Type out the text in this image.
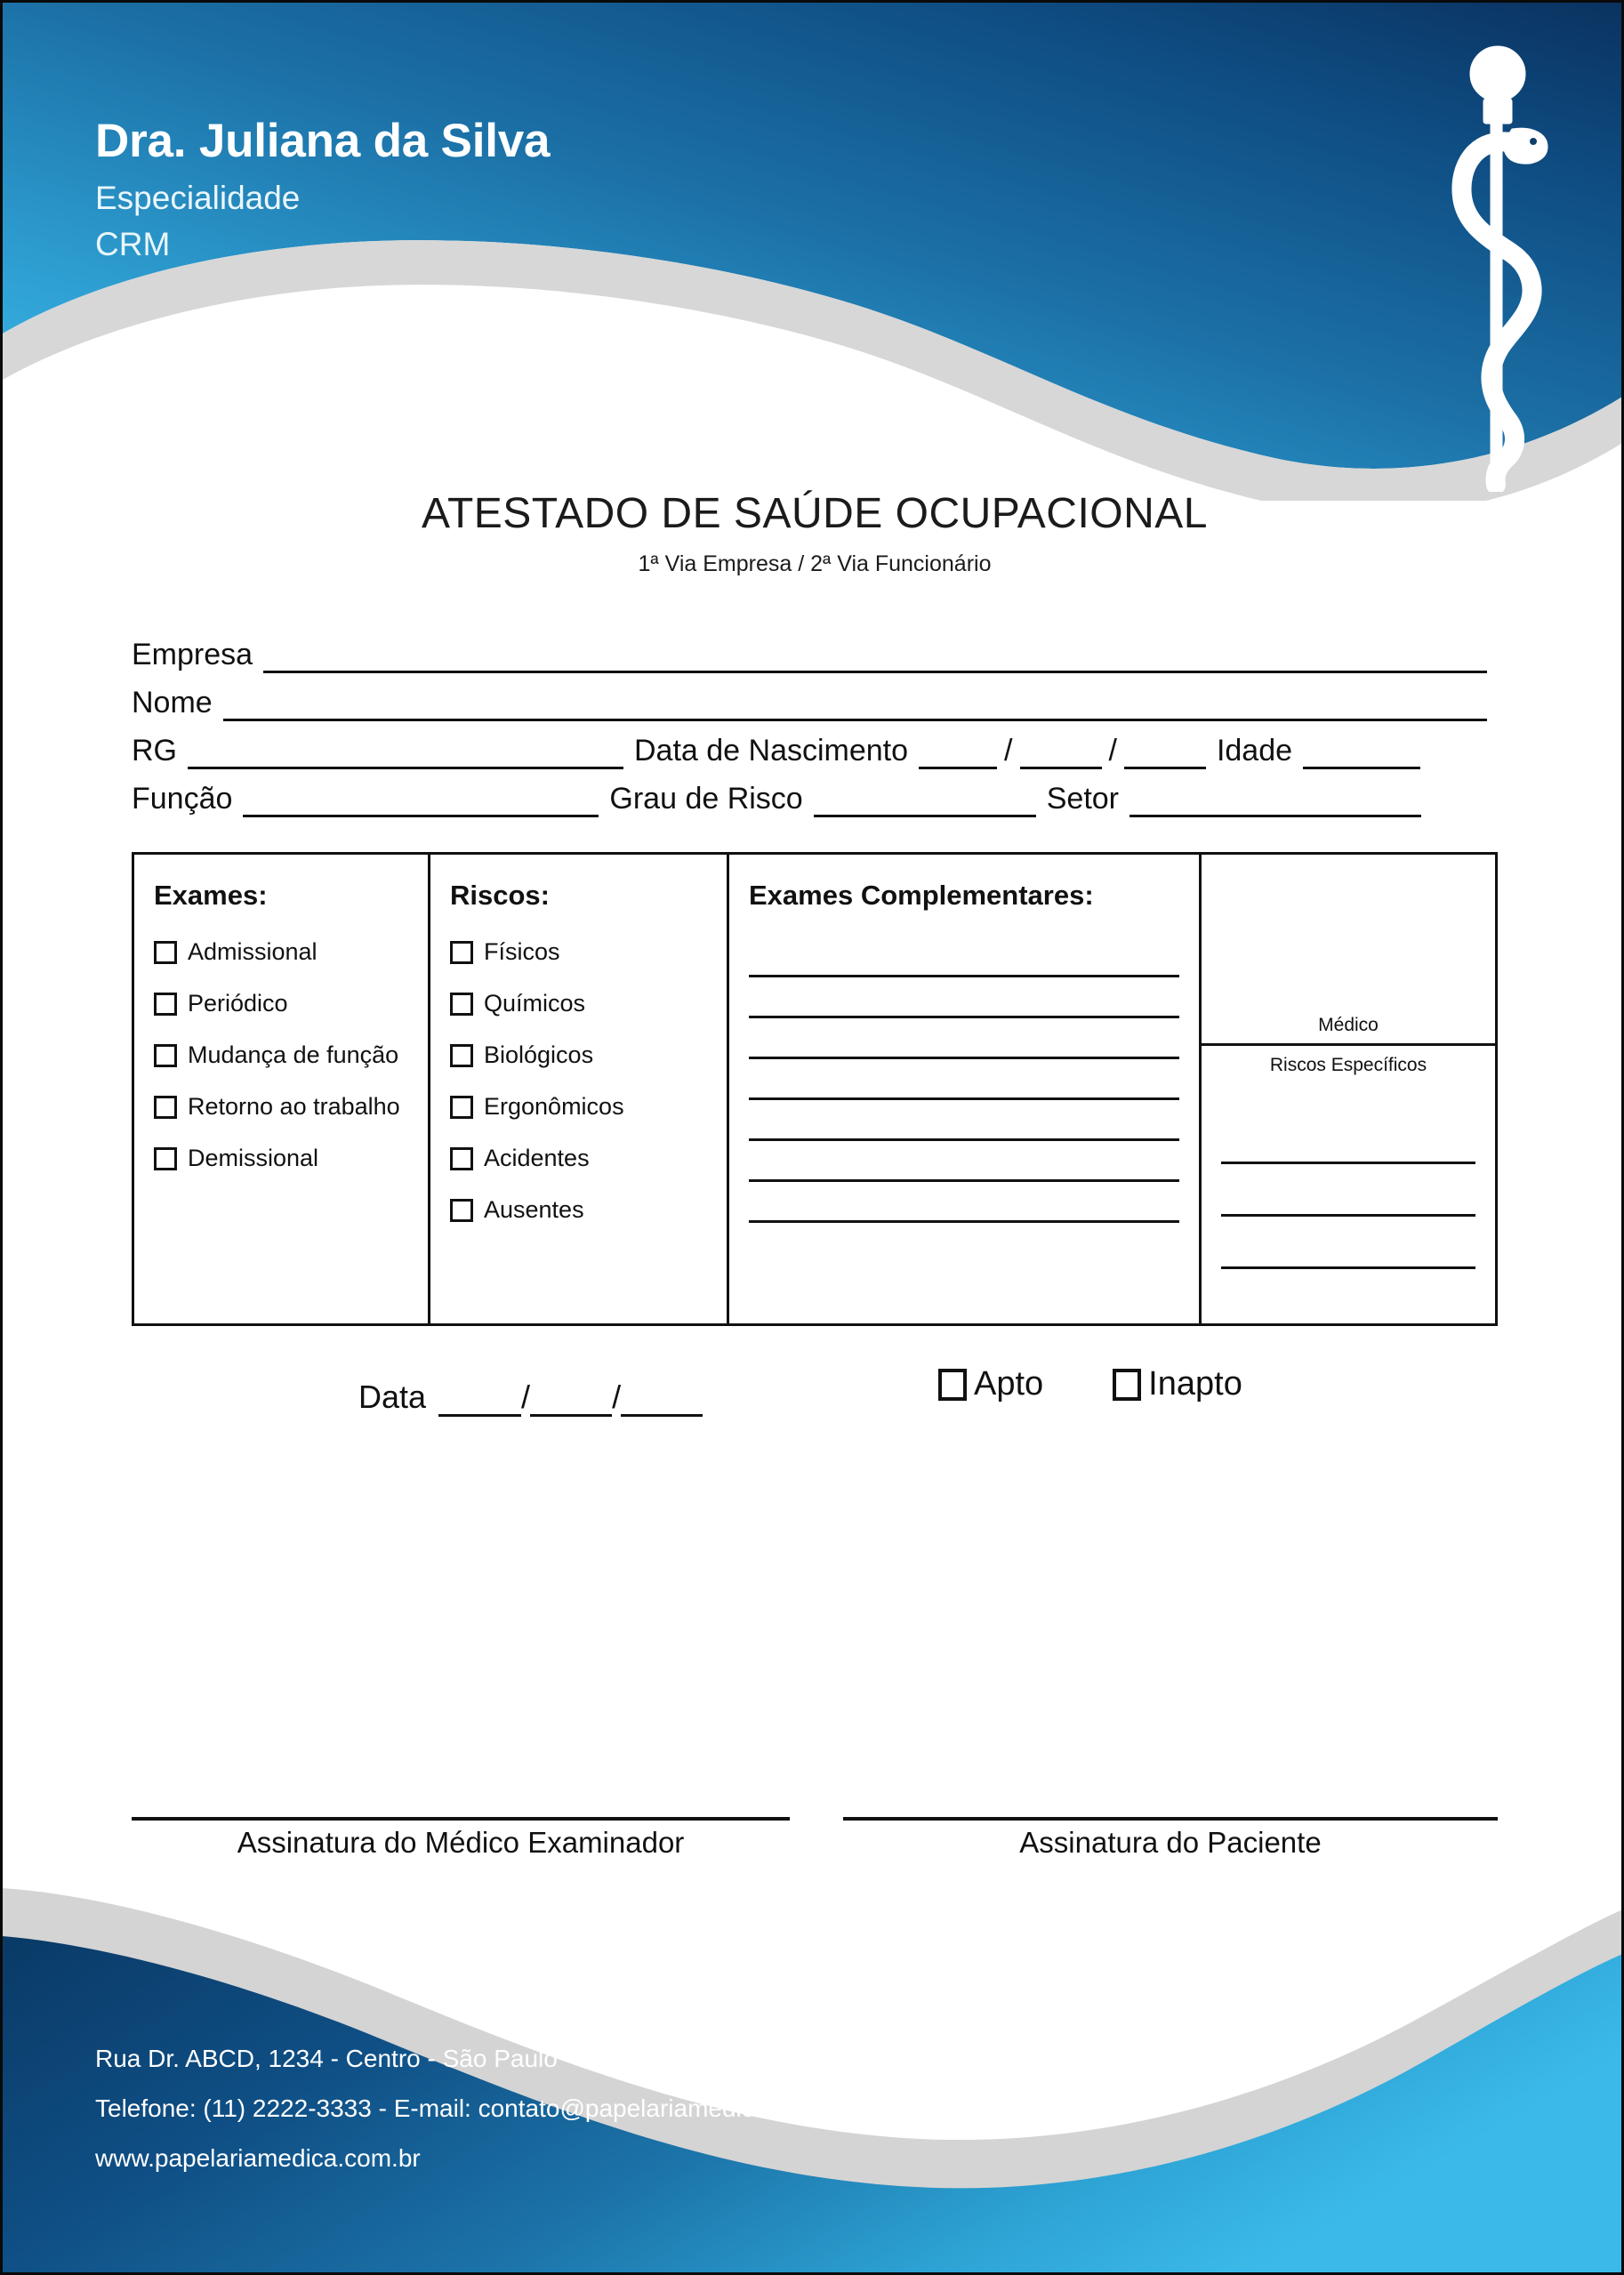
Dra. Juliana da Silva
Especialidade
CRM
ATESTADO DE SAÚDE OCUPACIONAL
1ª Via Empresa / 2ª Via Funcionário
Empresa
Nome
RG	Data de Nascimento	/	/	Idade
Função	Grau de Risco	Setor
Exames:
Admissional
Periódico
Mudança de função
Retorno ao trabalho
Demissional
Riscos:
Físicos
Químicos
Biológicos
Ergonômicos
Acidentes
Ausentes
Exames Complementares:
Médico
Riscos Específicos
Data	/	/	Apto	Inapto
Assinatura do Médico Examinador	Assinatura do Paciente
Rua Dr. ABCD, 1234 - Centro - São Paulo - SP - 00001-123
Telefone: (11) 2222-3333 - E-mail: contato@papelariamedica.com.br
www.papelariamedica.com.br
